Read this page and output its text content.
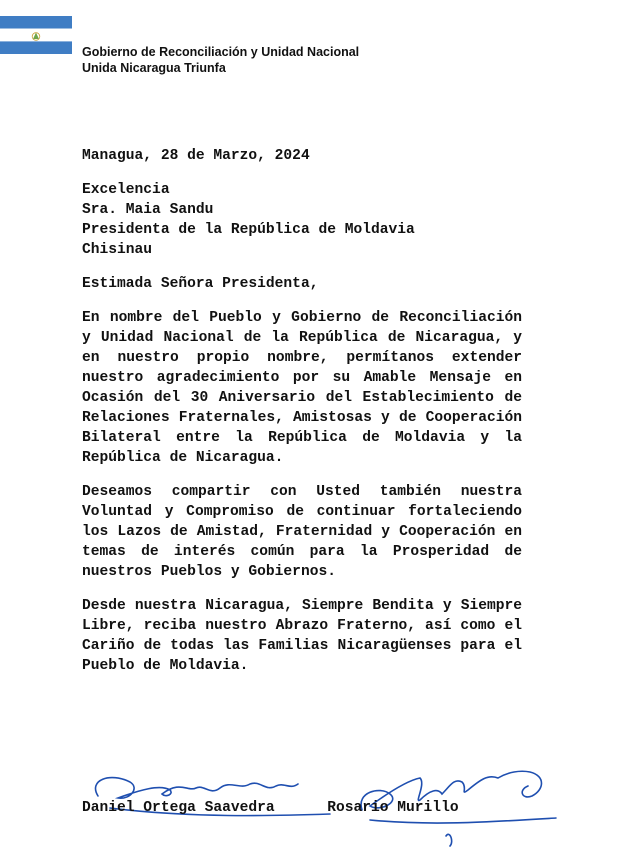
Gobierno de Reconciliación y Unidad Nacional
Unida Nicaragua Triunfa

Managua, 28 de Marzo, 2024

Excelencia

Sra. Maia Sandu

Presidenta de la República de Moldavia

Chisinau

Estimada Señora Presidenta,

En nombre del Pueblo y Gobierno de Reconciliación y Unidad Nacional de la República de Nicaragua, y en nuestro propio nombre, permítanos extender nuestro agradecimiento por su Amable Mensaje en Ocasión del 30 Aniversario del Establecimiento de Relaciones Fraternales, Amistosas y de Cooperación Bilateral entre la República de Moldavia y la República de Nicaragua.

Deseamos compartir con Usted también nuestra Voluntad y Compromiso de continuar fortaleciendo los Lazos de Amistad, Fraternidad y Cooperación en temas de interés común para la Prosperidad de nuestros Pueblos y Gobiernos.

Desde nuestra Nicaragua, Siempre Bendita y Siempre Libre, reciba nuestro Abrazo Fraterno, así como el Cariño de todas las Familias Nicaragüenses para el Pueblo de Moldavia.

Daniel Ortega Saavedra	Rosario Murillo
